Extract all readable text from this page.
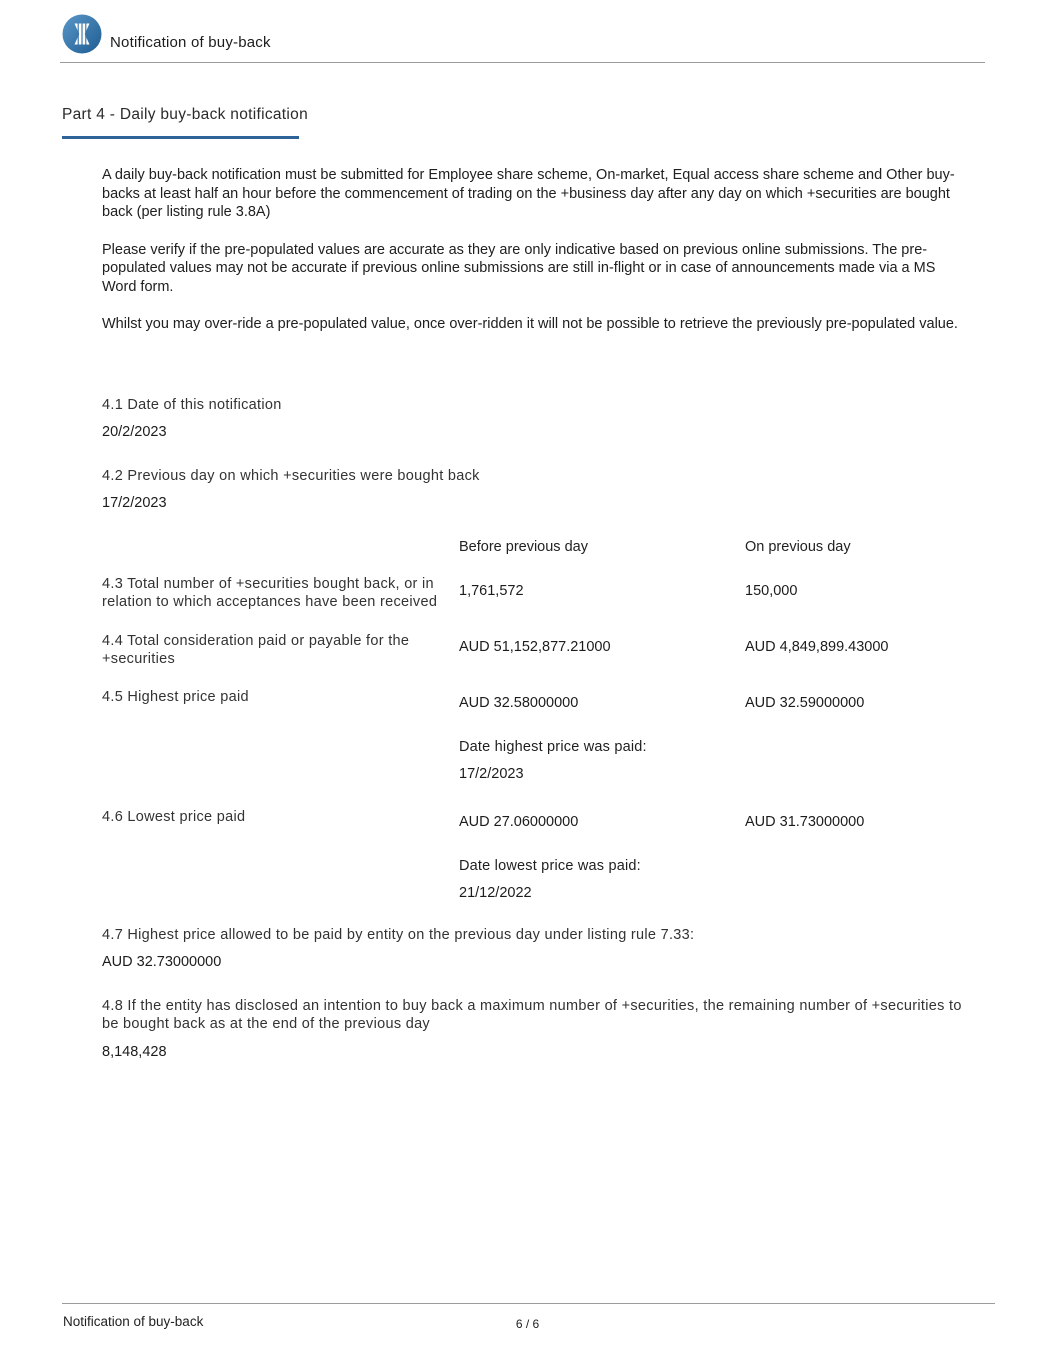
Notification of buy-back
Part 4 - Daily buy-back notification

A daily buy-back notification must be submitted for Employee share scheme, On-market, Equal access share scheme and Other buy-backs at least half an hour before the commencement of trading on the +business day after any day on which +securities are bought back (per listing rule 3.8A)

Please verify if the pre-populated values are accurate as they are only indicative based on previous online submissions. The pre-populated values may not be accurate if previous online submissions are still in-flight or in case of announcements made via a MS Word form.

Whilst you may over-ride a pre-populated value, once over-ridden it will not be possible to retrieve the previously pre-populated value.

4.1 Date of this notification
20/2/2023
4.2 Previous day on which +securities were bought back
17/2/2023
Before previous day	On previous day
4.3 Total number of +securities bought back, or in relation to which acceptances have been received
1,761,572	150,000
4.4 Total consideration paid or payable for the +securities
AUD 51,152,877.21000	AUD 4,849,899.43000
4.5 Highest price paid	AUD 32.58000000	AUD 32.59000000
Date highest price was paid:
17/2/2023
4.6 Lowest price paid	AUD 27.06000000	AUD 31.73000000
Date lowest price was paid:
21/12/2022
4.7 Highest price allowed to be paid by entity on the previous day under listing rule 7.33:
AUD 32.73000000
4.8 If the entity has disclosed an intention to buy back a maximum number of +securities, the remaining number of +securities to be bought back as at the end of the previous day
8,148,428
Notification of buy-back	6 / 6
